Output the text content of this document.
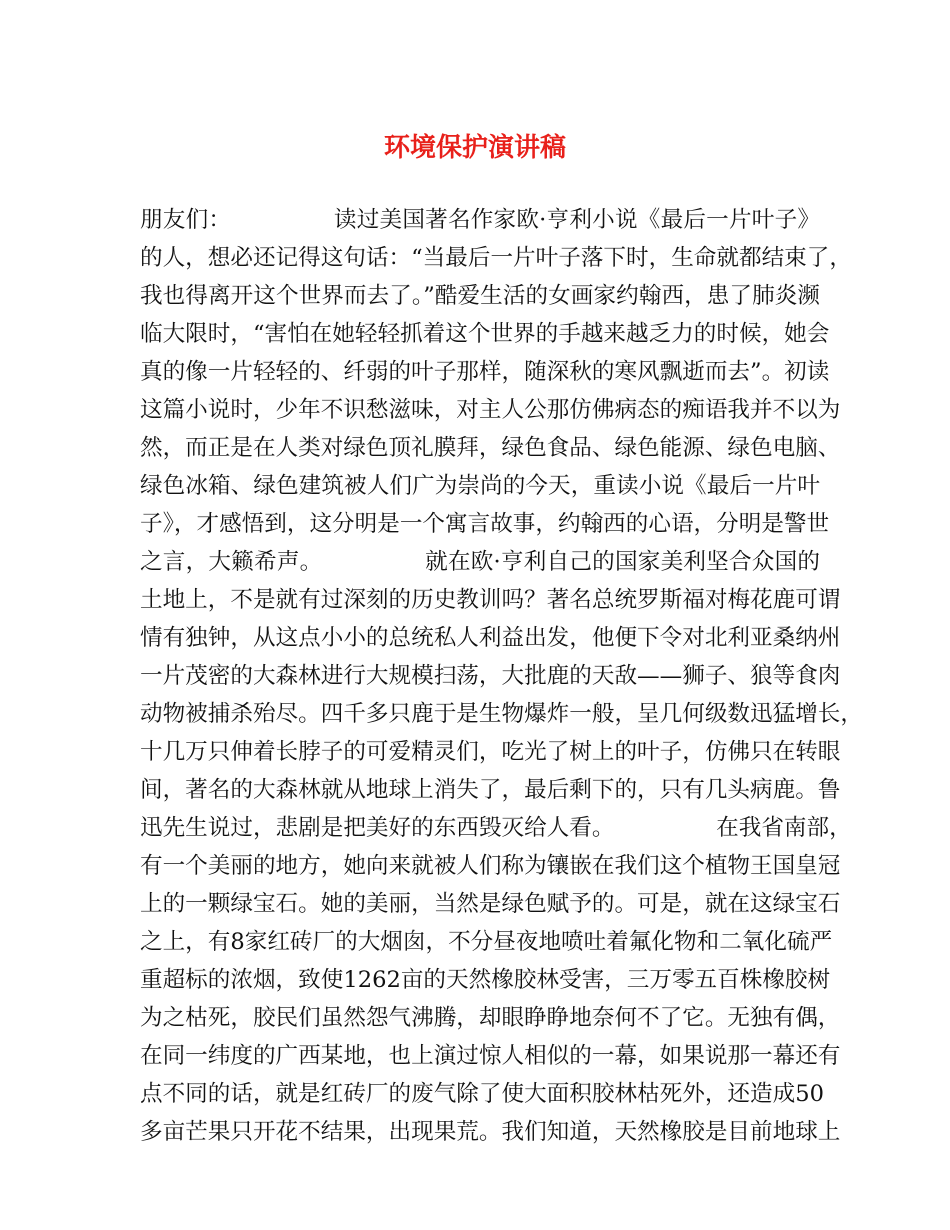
环境保护演讲稿
朋友们：　　　　　读过美国著名作家欧·亨利小说《最后一片叶子》
的人，想必还记得这句话：“当最后一片叶子落下时，生命就都结束了，
我也得离开这个世界而去了。”酷爱生活的女画家约翰西，患了肺炎濒
临大限时，“害怕在她轻轻抓着这个世界的手越来越乏力的时候，她会
真的像一片轻轻的、纤弱的叶子那样，随深秋的寒风飘逝而去”。初读
这篇小说时，少年不识愁滋味，对主人公那仿佛病态的痴语我并不以为
然，而正是在人类对绿色顶礼膜拜，绿色食品、绿色能源、绿色电脑、
绿色冰箱、绿色建筑被人们广为崇尚的今天，重读小说《最后一片叶
子》，才感悟到，这分明是一个寓言故事，约翰西的心语，分明是警世
之言，大籁希声。　　　　　就在欧·亨利自己的国家美利坚合众国的
土地上，不是就有过深刻的历史教训吗？著名总统罗斯福对梅花鹿可谓
情有独钟，从这点小小的总统私人利益出发，他便下令对北利亚桑纳州
一片茂密的大森林进行大规模扫荡，大批鹿的天敌——狮子、狼等食肉
动物被捕杀殆尽。四千多只鹿于是生物爆炸一般，呈几何级数迅猛增长，
十几万只伸着长脖子的可爱精灵们，吃光了树上的叶子，仿佛只在转眼
间，著名的大森林就从地球上消失了，最后剩下的，只有几头病鹿。鲁
迅先生说过，悲剧是把美好的东西毁灭给人看。　　　　　在我省南部，
有一个美丽的地方，她向来就被人们称为镶嵌在我们这个植物王国皇冠
上的一颗绿宝石。她的美丽，当然是绿色赋予的。可是，就在这绿宝石
之上，有8家红砖厂的大烟囱，不分昼夜地喷吐着氟化物和二氧化硫严
重超标的浓烟，致使1262亩的天然橡胶林受害，三万零五百株橡胶树
为之枯死，胶民们虽然怨气沸腾，却眼睁睁地奈何不了它。无独有偶，
在同一纬度的广西某地，也上演过惊人相似的一幕，如果说那一幕还有
点不同的话，就是红砖厂的废气除了使大面积胶林枯死外，还造成50
多亩芒果只开花不结果，出现果荒。我们知道，天然橡胶是目前地球上
